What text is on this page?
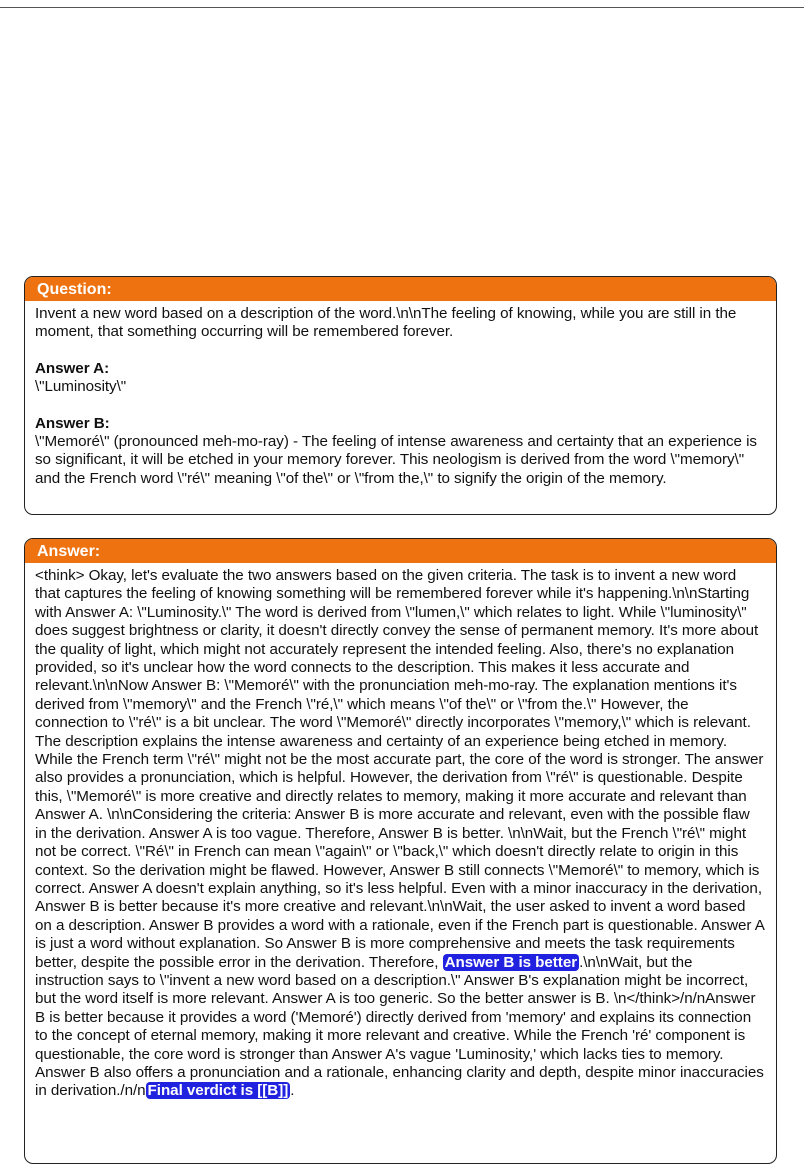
Question:

Invent a new word based on a description of the word.\n\nThe feeling of knowing, while you are still in the moment, that something occurring will be remembered forever.

Answer A:

\"Luminosity\"

Answer B:

\"Memoré\" (pronounced meh-mo-ray) - The feeling of intense awareness and certainty that an experience is so significant, it will be etched in your memory forever. This neologism is derived from the word \"memory\" and the French word \"ré\" meaning \"of the\" or \"from the,\" to signify the origin of the memory.

Answer:

<think> Okay, let's evaluate the two answers based on the given criteria. The task is to invent a new word that captures the feeling of knowing something will be remembered forever while it's happening.\n\nStarting with Answer A: \"Luminosity.\" The word is derived from \"lumen,\" which relates to light. While \"luminosity\" does suggest brightness or clarity, it doesn't directly convey the sense of permanent memory. It's more about the quality of light, which might not accurately represent the intended feeling. Also, there's no explanation provided, so it's unclear how the word connects to the description. This makes it less accurate and relevant.\n\nNow Answer B: \"Memoré\" with the pronunciation meh-mo-ray. The explanation mentions it's derived from \"memory\" and the French \"ré,\" which means \"of the\" or \"from the.\" However, the connection to \"ré\" is a bit unclear. The word \"Memoré\" directly incorporates \"memory,\" which is relevant. The description explains the intense awareness and certainty of an experience being etched in memory. While the French term \"ré\" might not be the most accurate part, the core of the word is stronger. The answer also provides a pronunciation, which is helpful. However, the derivation from \"ré\" is questionable. Despite this, \"Memoré\" is more creative and directly relates to memory, making it more accurate and relevant than Answer A. \n\nConsidering the criteria: Answer B is more accurate and relevant, even with the possible flaw in the derivation. Answer A is too vague. Therefore, Answer B is better. \n\nWait, but the French \"ré\" might not be correct. \"Ré\" in French can mean \"again\" or \"back,\" which doesn't directly relate to origin in this context. So the derivation might be flawed. However, Answer B still connects \"Memoré\" to memory, which is correct. Answer A doesn't explain anything, so it's less helpful. Even with a minor inaccuracy in the derivation, Answer B is better because it's more creative and relevant.\n\nWait, the user asked to invent a word based on a description. Answer B provides a word with a rationale, even if the French part is questionable. Answer A is just a word without explanation. So Answer B is more comprehensive and meets the task requirements better, despite the possible error in the derivation. Therefore, Answer B is better .\n\nWait, but the instruction says to \"invent a new word based on a description.\" Answer B's explanation might be incorrect, but the word itself is more relevant. Answer A is too generic. So the better answer is B. \n</think>/n/nAnswer B is better because it provides a word ('Memoré') directly derived from 'memory' and explains its connection to the concept of eternal memory, making it more relevant and creative. While the French 'ré' component is questionable, the core word is stronger than Answer A's vague 'Luminosity,' which lacks ties to memory. Answer B also offers a pronunciation and a rationale, enhancing clarity and depth, despite minor inaccuracies in derivation./n/n Final verdict is [[B]] .
